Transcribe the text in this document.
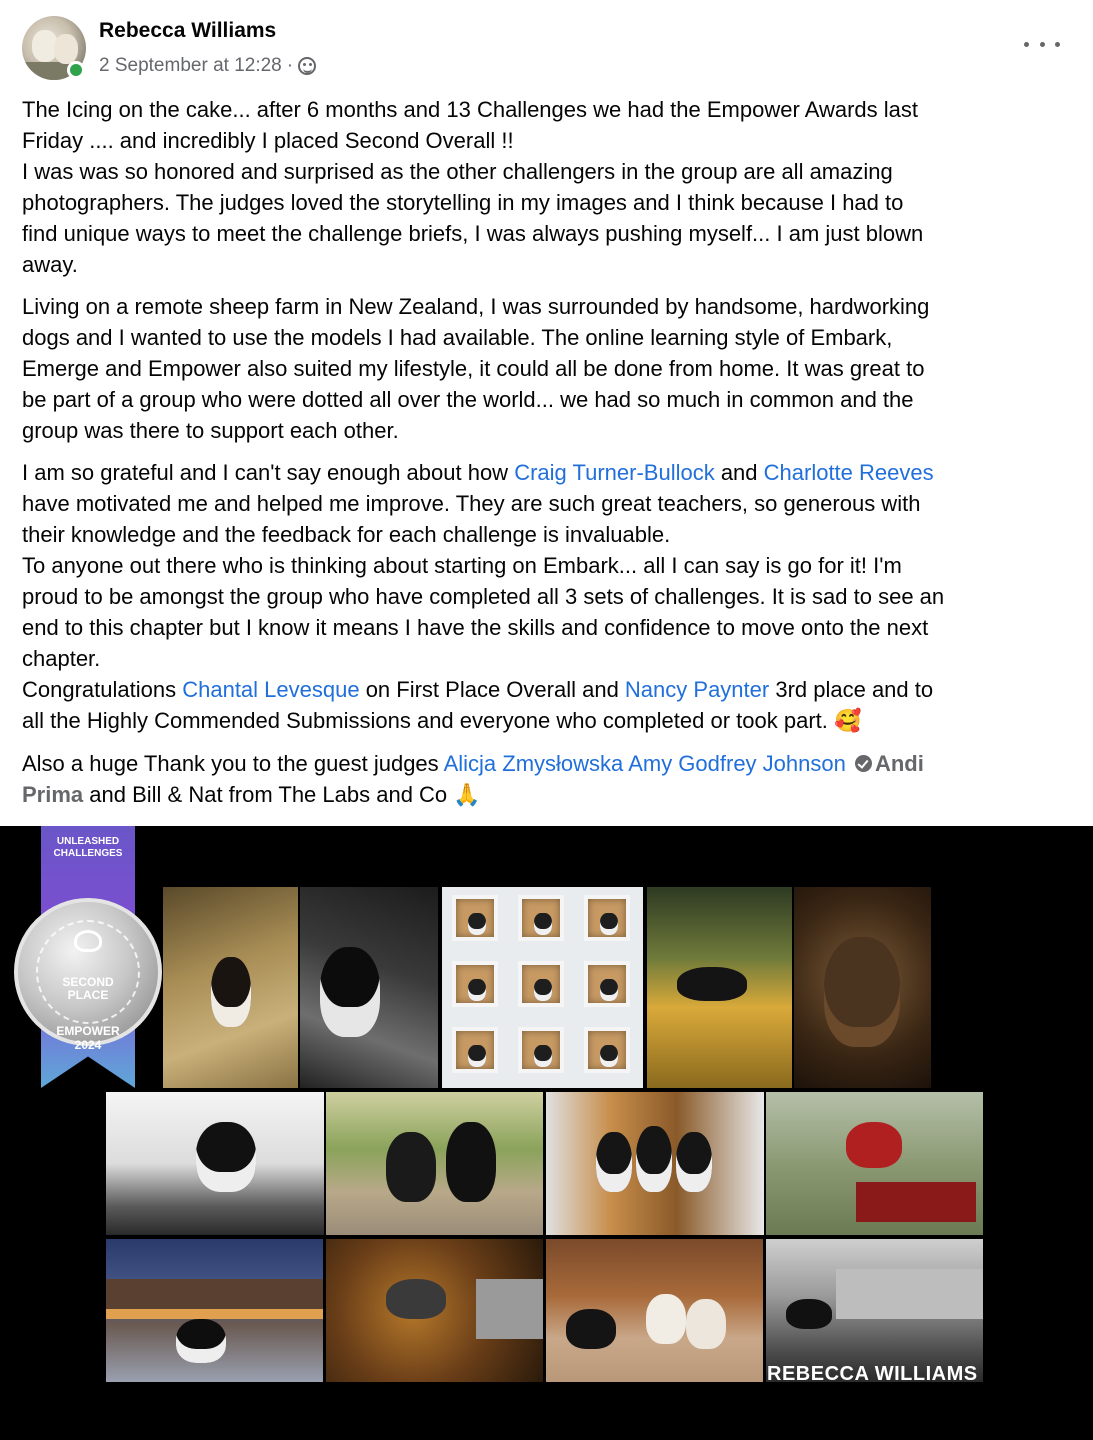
Rebecca Williams
2 September at 12:28 ·

The Icing on the cake... after 6 months and 13 Challenges we had the Empower Awards last
Friday .... and incredibly I placed Second Overall !!
I was was so honored and surprised as the other challengers in the group are all amazing
photographers. The judges loved the storytelling in my images and I think because I had to
find unique ways to meet the challenge briefs, I was always pushing myself... I am just blown
away.

Living on a remote sheep farm in New Zealand, I was surrounded by handsome, hardworking
dogs and I wanted to use the models I had available. The online learning style of Embark,
Emerge and Empower also suited my lifestyle, it could all be done from home. It was great to
be part of a group who were dotted all over the world... we had so much in common and the
group was there to support each other.

I am so grateful and I can't say enough about how Craig Turner-Bullock and Charlotte Reeves
have motivated me and helped me improve. They are such great teachers, so generous with
their knowledge and the feedback for each challenge is invaluable.
To anyone out there who is thinking about starting on Embark... all I can say is go for it! I'm
proud to be amongst the group who have completed all 3 sets of challenges. It is sad to see an
end to this chapter but I know it means I have the skills and confidence to move onto the next
chapter.
Congratulations Chantal Levesque on First Place Overall and Nancy Paynter 3rd place and to
all the Highly Commended Submissions and everyone who completed or took part. 🥰

Also a huge Thank you to the guest judges Alicja Zmysłowska Amy Godfrey Johnson Andi
Prima and Bill & Nat from The Labs and Co 🙏

UNLEASHED
CHALLENGES
SECOND
PLACE
EMPOWER
2024
REBECCA WILLIAMS
